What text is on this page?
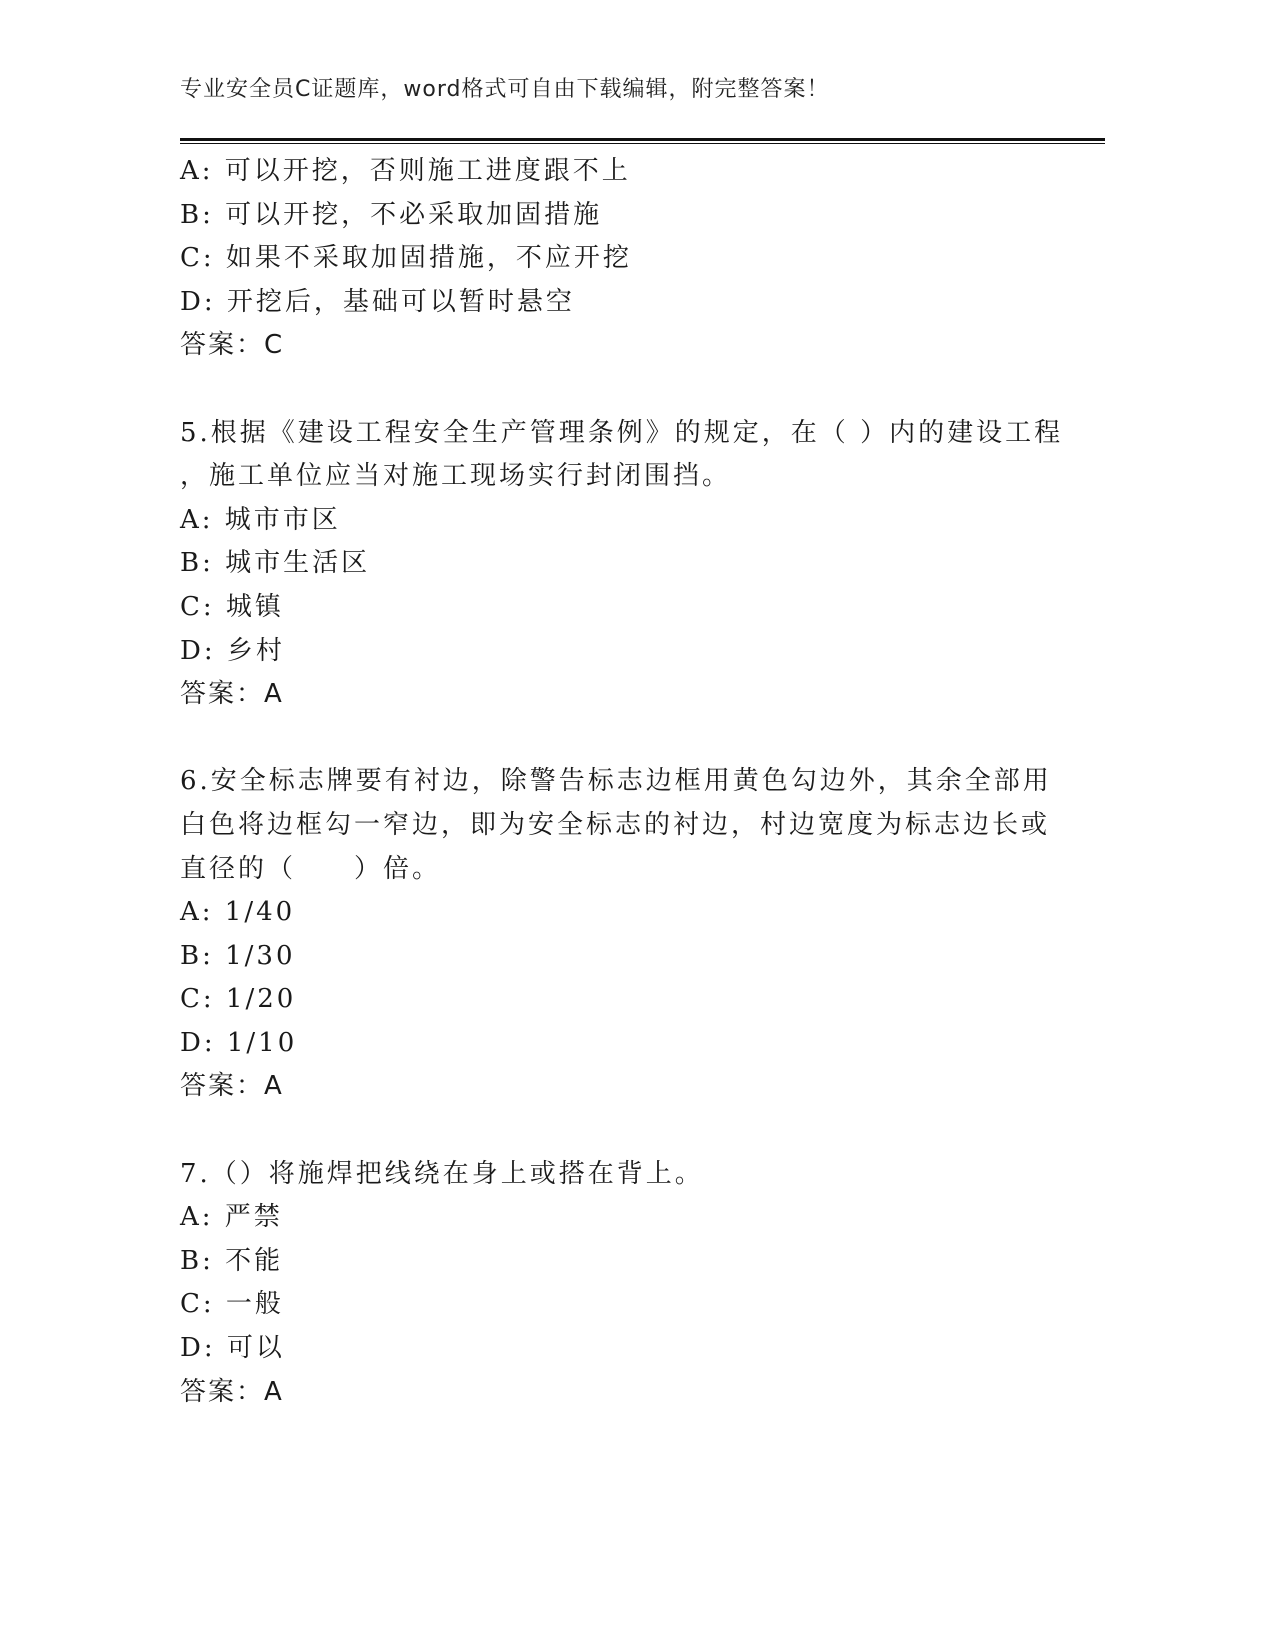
专业安全员C证题库，word格式可自由下载编辑，附完整答案！
A: 可以开挖，否则施工进度跟不上
B: 可以开挖，不必采取加固措施
C: 如果不采取加固措施，不应开挖
D: 开挖后，基础可以暂时悬空
答案：C
5.根据《建设工程安全生产管理条例》的规定，在（ ）内的建设工程
，施工单位应当对施工现场实行封闭围挡。
A: 城市市区
B: 城市生活区
C: 城镇
D: 乡村
答案：A
6.安全标志牌要有衬边，除警告标志边框用黄色勾边外，其余全部用
白色将边框勾一窄边，即为安全标志的衬边，村边宽度为标志边长或
直径的（　　）倍。
A: 1/40
B: 1/30
C: 1/20
D: 1/10
答案：A
7.（）将施焊把线绕在身上或搭在背上。
A: 严禁
B: 不能
C: 一般
D: 可以
答案：A
